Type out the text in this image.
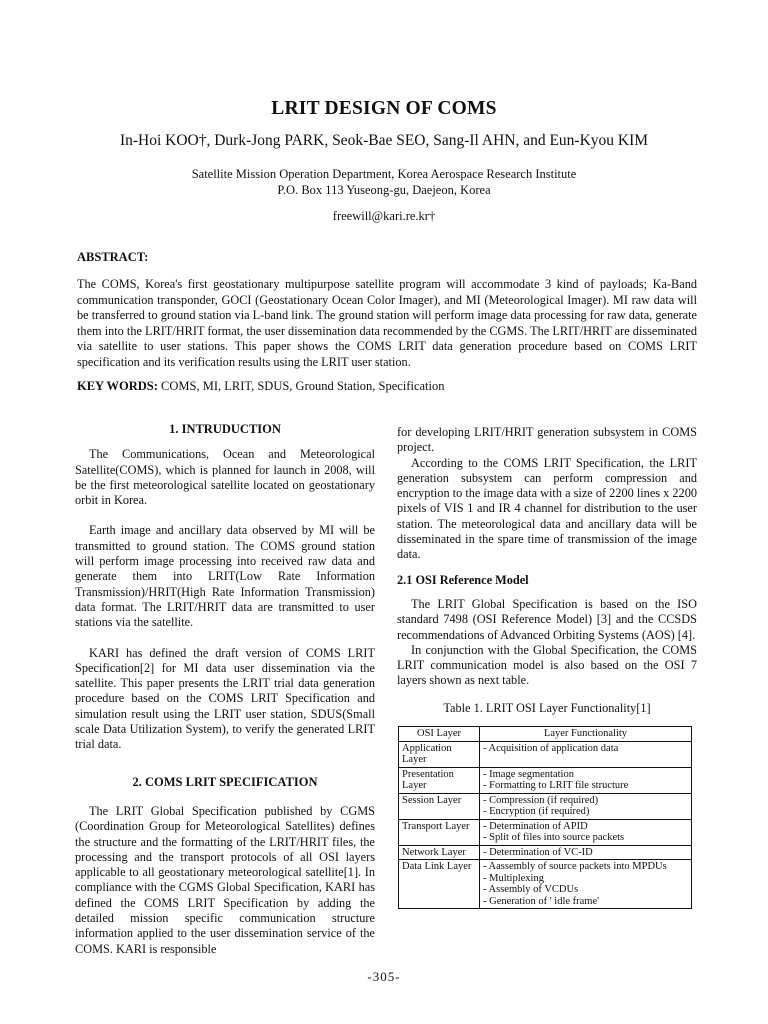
LRIT DESIGN OF COMS
In-Hoi KOO†, Durk-Jong PARK, Seok-Bae SEO, Sang-Il AHN, and Eun-Kyou KIM
Satellite Mission Operation Department, Korea Aerospace Research Institute
P.O. Box 113 Yuseong-gu, Daejeon, Korea
freewill@kari.re.kr†
ABSTRACT:
The COMS, Korea's first geostationary multipurpose satellite program will accommodate 3 kind of payloads; Ka-Band communication transponder, GOCI (Geostationary Ocean Color Imager), and MI (Meteorological Imager). MI raw data will be transferred to ground station via L-band link. The ground station will perform image data processing for raw data, generate them into the LRIT/HRIT format, the user dissemination data recommended by the CGMS. The LRIT/HRIT are disseminated via satellite to user stations. This paper shows the COMS LRIT data generation procedure based on COMS LRIT specification and its verification results using the LRIT user station.
KEY WORDS: COMS, MI, LRIT, SDUS, Ground Station, Specification
1. INTRUDUCTION

The Communications, Ocean and Meteorological Satellite(COMS), which is planned for launch in 2008, will be the first meteorological satellite located on geostationary orbit in Korea.

Earth image and ancillary data observed by MI will be transmitted to ground station. The COMS ground station will perform image processing into received raw data and generate them into LRIT(Low Rate Information Transmission)/HRIT(High Rate Information Transmission) data format. The LRIT/HRIT data are transmitted to user stations via the satellite.

KARI has defined the draft version of COMS LRIT Specification[2] for MI data user dissemination via the satellite. This paper presents the LRIT trial data generation procedure based on the COMS LRIT Specification and simulation result using the LRIT user station, SDUS(Small scale Data Utilization System), to verify the generated LRIT trial data.

2. COMS LRIT SPECIFICATION

The LRIT Global Specification published by CGMS (Coordination Group for Meteorological Satellites) defines the structure and the formatting of the LRIT/HRIT files, the processing and the transport protocols of all OSI layers applicable to all geostationary meteorological satellite[1]. In compliance with the CGMS Global Specification, KARI has defined the COMS LRIT Specification by adding the detailed mission specific communication structure information applied to the user dissemination service of the COMS. KARI is responsible

for developing LRIT/HRIT generation subsystem in COMS project.

According to the COMS LRIT Specification, the LRIT generation subsystem can perform compression and encryption to the image data with a size of 2200 lines x 2200 pixels of VIS 1 and IR 4 channel for distribution to the user station. The meteorological data and ancillary data will be disseminated in the spare time of transmission of the image data.

2.1 OSI Reference Model

The LRIT Global Specification is based on the ISO standard 7498 (OSI Reference Model) [3] and the CCSDS recommendations of Advanced Orbiting Systems (AOS) [4].

In conjunction with the Global Specification, the COMS LRIT communication model is also based on the OSI 7 layers shown as next table.

Table 1. LRIT OSI Layer Functionality[1]
OSI Layer	Layer Functionality
Application Layer	- Acquisition of application data

Presentation Layer	- Image segmentation
- Formatting to LRIT file structure

Session Layer	- Compression (if required)
- Encryption (if required)

Transport Layer	- Determination of APID
- Split of files into source packets

Network Layer	- Determination of VC-ID

Data Link Layer	- Aassembly of source packets into MPDUs
- Multiplexing
- Assembly of VCDUs
- Generation of ' idle frame'
-305-
